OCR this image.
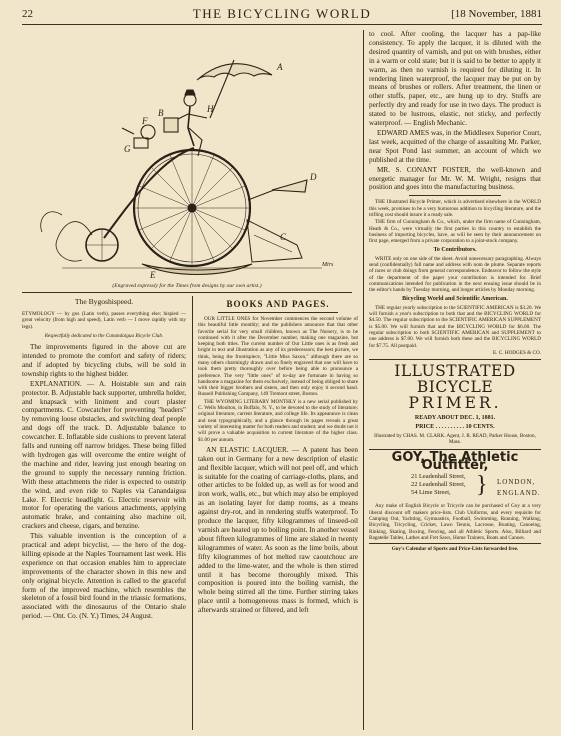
22	THE BICYCLING WORLD	[18 November, 1881
A
B
C
D
E
F
G
H
Mirs
(Engraved expressly for the Times from designs by our own artist.)
The Bygoshispeed.
ETYMOLOGY — by gos (Latin verb), passes everything else; hispied — great velocity (from high and speed), Latin verb — I move rapidly with my legs).
Respectfully dedicated to the Canandaigua Bicycle Club.

The improvements figured in the above cut are intended to promote the comfort and safety of riders; and if adopted by bicycling clubs, will be sold in township rights to the highest bidder.

EXPLANATION. — A. Hoistable sun and rain protector. B. Adjustable back supporter, umbrella holder, and knapsack with liniment and court plaster compartments. C. Cowcatcher for preventing "headers" by removing loose obstacles, and switching deaf people and dogs off the track. D. Adjustable balance to cowcatcher. E. Inflatable side cushions to prevent lateral falls and running off narrow bridges. These being filled with hydrogen gas will overcome the entire weight of the machine and rider, leaving just enough bearing on the ground to supply the necessary running friction. With these attachments the rider is expected to outstrip the wind, and even ride to Naples via Canandaigua Lake. F. Electric headlight. G. Electric reservoir with motor for operating the various attachments, applying automatic brake, and containing also machine oil, crackers and cheese, cigars, and benzine.

This valuable invention is the conception of a practical and adept bicyclist, — the hero of the dog-killing episode at the Naples Tournament last week. His experience on that occasion enables him to appreciate improvements of the character shown in this new and only original bicycle. Attention is called to the graceful form of the improved machine, which resembles the skeleton of a fossil bird found in the triassic formations, associated with the dinosaurus of the Ontario shale period. — Ont. Co. (N. Y.) Times, 24 August.

BOOKS AND PAGES.

OUR LITTLE ONES for November commences the second volume of this beautiful little monthly; and the publishers announce that that other favorite serial for very small children, known as The Nursery, is to be continued with it after the December number, making one magazine, but keeping both titles. The current number of Our Little ones is as fresh and bright in text and illustration as any of its predecessors; the best picture, we think, being the frontispiece, "Little Miss Saxon," although there are so many others charmingly drawn and so finely engraved that one will have to look them pretty thoroughly over before being able to pronounce a preference. The very "little ones" of to-day are fortunate in having so handsome a magazine for them exclusively, instead of being obliged to share with their bigger brothers and sisters, and then only enjoy it second hand. Russell Publishing Company, 149 Tremont street, Boston.

THE WYOMING LITERARY MONTHLY is a new serial published by C. Wells Moulton, in Buffalo, N. Y., to be devoted to the study of literature; original literature, current literature, and college life. Its appearance is clean and neat typographically, and a glance through its pages reveals a great variety of interesting matter for both readers and student; and we doubt not it will prove a valuable acquisition to current literature of the higher class. $1.00 per annum.

AN ELASTIC LACQUER. — A patent has been taken out in Germany for a new description of elastic and flexible lacquer, which will not peel off, and which is suitable for the coating of carriage-cloths, plans, and other articles to be folded up, as well as for wood and iron work, walls, etc., but which may also be employed as an isolating layer for damp rooms, as a means against dry-rot, and in rendering stuffs waterproof. To produce the lacquer, fifty kilogrammes of linseed-oil varnish are heated up to boiling point. In another vessel about fifteen kilogrammes of lime are slaked in twenty kilogrammes of water. As soon as the lime boils, about fifty kilogrammes of hot melted raw caoutchouc are added to the lime-water, and the whole is then stirred until it has become thoroughly mixed. This composition is poured into the boiling varnish, the whole being stirred all the time. Further stirring takes place until a homogeneous mass is formed, which is afterwards strained or filtered, and left

to cool. After cooling, the lacquer has a pap-like consistency. To apply the lacquer, it is diluted with the desired quantity of varnish, and put on with brushes, either in a warm or cold state; but it is said to be better to apply it warm, as then no varnish is required for diluting it. In rendering linen waterproof, the lacquer may be put on by means of brushes or rollers. After treatment, the linen or other stuffs, paper, etc., are hung up to dry. Stuffs are perfectly dry and ready for use in two days. The product is stated to be lustrous, elastic, not sticky, and perfectly waterproof. — English Mechanic.

EDWARD AMES was, in the Middlesex Superior Court, last week, acquitted of the charge of assaulting Mr. Parker, near Spot Pond last summer, an account of which we published at the time.

MR. S. CONANT FOSTER, the well-known and energetic manager for Mr. W. M. Wright, resigns that position and goes into the manufacturing business.

THE Illustrated Bicycle Primer, which is advertised elsewhere in the WORLD this week, promises to be a very humorous addition to bicycling literature, and the trifling cost should insure it a ready sale.

THE firm of Cunningham & Co., which, under the firm name of Cunningham, Heath & Co., were virtually the first parties in this country to establish the business of importing bicycles, have, as will be seen by their announcement on first page, emerged from a private corporation to a joint-stock company.

To Contributors.

WRITE only on one side of the sheet. Avoid unnecessary paragraphing. Always send (confidentially) full name and address with nom de plume. Separate reports of races or club doings from general correspondence. Endeavor to follow the style of the department of the paper your contribution is intended for. Brief communications intended for publication in the next ensuing issue should be in the editor's hands by Tuesday morning, and longer articles by Monday morning.

Bicycling World and Scientific American.

THE regular yearly subscription to the SCIENTIFIC AMERICAN is $3.20. We will furnish a year's subscription to both that and the BICYCLING WORLD for $4.50. The regular subscription to the SCIENTIFIC AMERICAN SUPPLEMENT is $5.00. We will furnish that and the BICYCLING WORLD for $6.00. The regular subscription to both SCIENTIFIC AMERICAN and SUPPLEMENT to one address is $7.00. We will furnish both these and the BICYCLING WORLD for $7.75. All postpaid.

E. C. HODGES & CO.
ILLUSTRATED BICYCLE
PRIMER.
READY ABOUT DEC. 1, 1881.
PRICE . . . . . . . . . . 10 CENTS.
Illustrated by CHAS. M. CLARK. Agent, J. R. READ, Parker House, Boston, Mass.
GOY, The Athletic Outfitter,
21 Leadenhall Street,
22 Leadenhall Street,
54 Lime Street,	} LONDON,
ENGLAND.

Any make of English Bicycle or Tricycle can be purchased of Goy at a very liberal discount off makers price-lists. Club Uniforms, and every requisite for Camping Out, Yachting, Gymnastics, Football, Swimming, Running, Walking, Bicycling, Tricycling, Cricket, Lawn Tennis, Lacrosse, Boating, Canoeing, Rinking, Skating, Boxing, Fencing, and all Athletic Sports. Also, Billiard and Bagatelle Tables, Lathes and Fret Saws, Home Trainers, Boats and Canoes.

Goy's Calendar of Sports and Price-Lists forwarded free.
